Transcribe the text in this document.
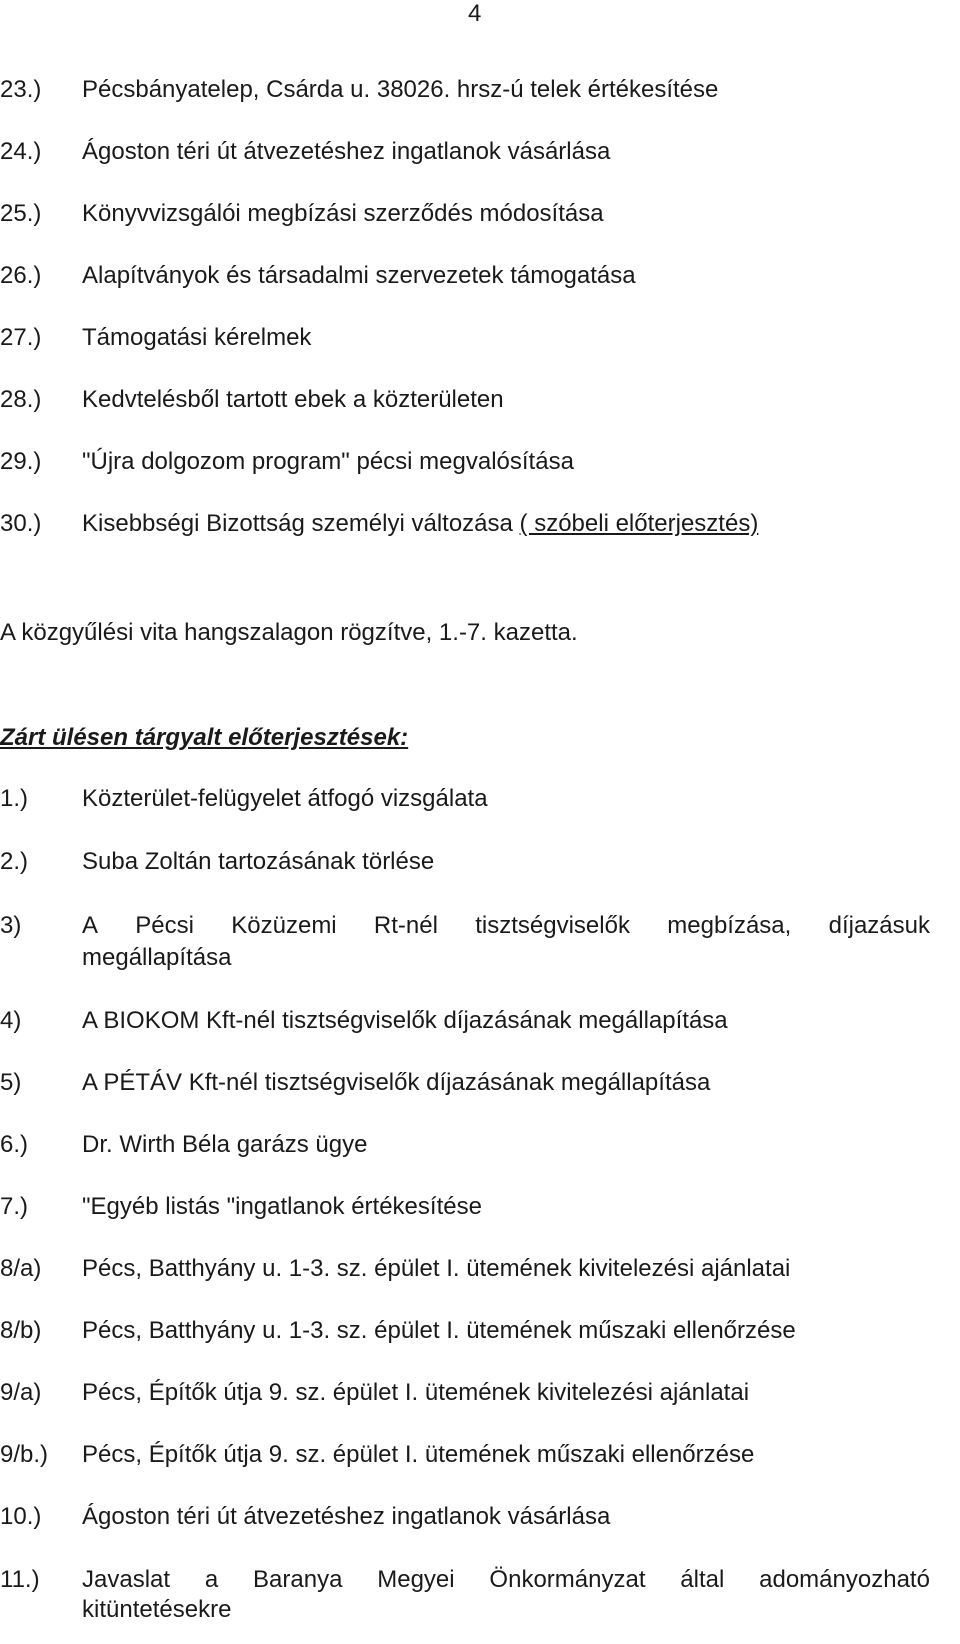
4
23.) Pécsbányatelep, Csárda u. 38026. hrsz-ú telek értékesítése
24.) Ágoston téri út átvezetéshez ingatlanok vásárlása
25.) Könyvvizsgálói megbízási szerződés módosítása
26.) Alapítványok és társadalmi szervezetek támogatása
27.) Támogatási kérelmek
28.) Kedvtelésből tartott ebek a közterületen
29.) "Újra dolgozom program" pécsi megvalósítása
30.) Kisebbségi Bizottság személyi változása ( szóbeli előterjesztés)
A közgyűlési vita hangszalagon rögzítve, 1.-7. kazetta.
Zárt ülésen tárgyalt előterjesztések:
1.) Közterület-felügyelet átfogó vizsgálata
2.) Suba Zoltán tartozásának törlése
3)	A Pécsi Közüzemi Rt-nél tisztségviselők megbízása, díjazásuk
megállapítása
4)	A BIOKOM Kft-nél tisztségviselők díjazásának megállapítása
5)	A PÉTÁV Kft-nél tisztségviselők díjazásának megállapítása
6.) Dr. Wirth Béla garázs ügye
7.) "Egyéb listás "ingatlanok értékesítése
8/a) Pécs, Batthyány u. 1-3. sz. épület I. ütemének kivitelezési ajánlatai
8/b) Pécs, Batthyány u. 1-3. sz. épület I. ütemének műszaki ellenőrzése
9/a) Pécs, Építők útja 9. sz. épület I. ütemének kivitelezési ajánlatai
9/b.) Pécs, Építők útja 9. sz. épület I. ütemének műszaki ellenőrzése
10.) Ágoston téri út átvezetéshez ingatlanok vásárlása
11.) Javaslat a Baranya Megyei Önkormányzat által adományozható
kitüntetésekre
